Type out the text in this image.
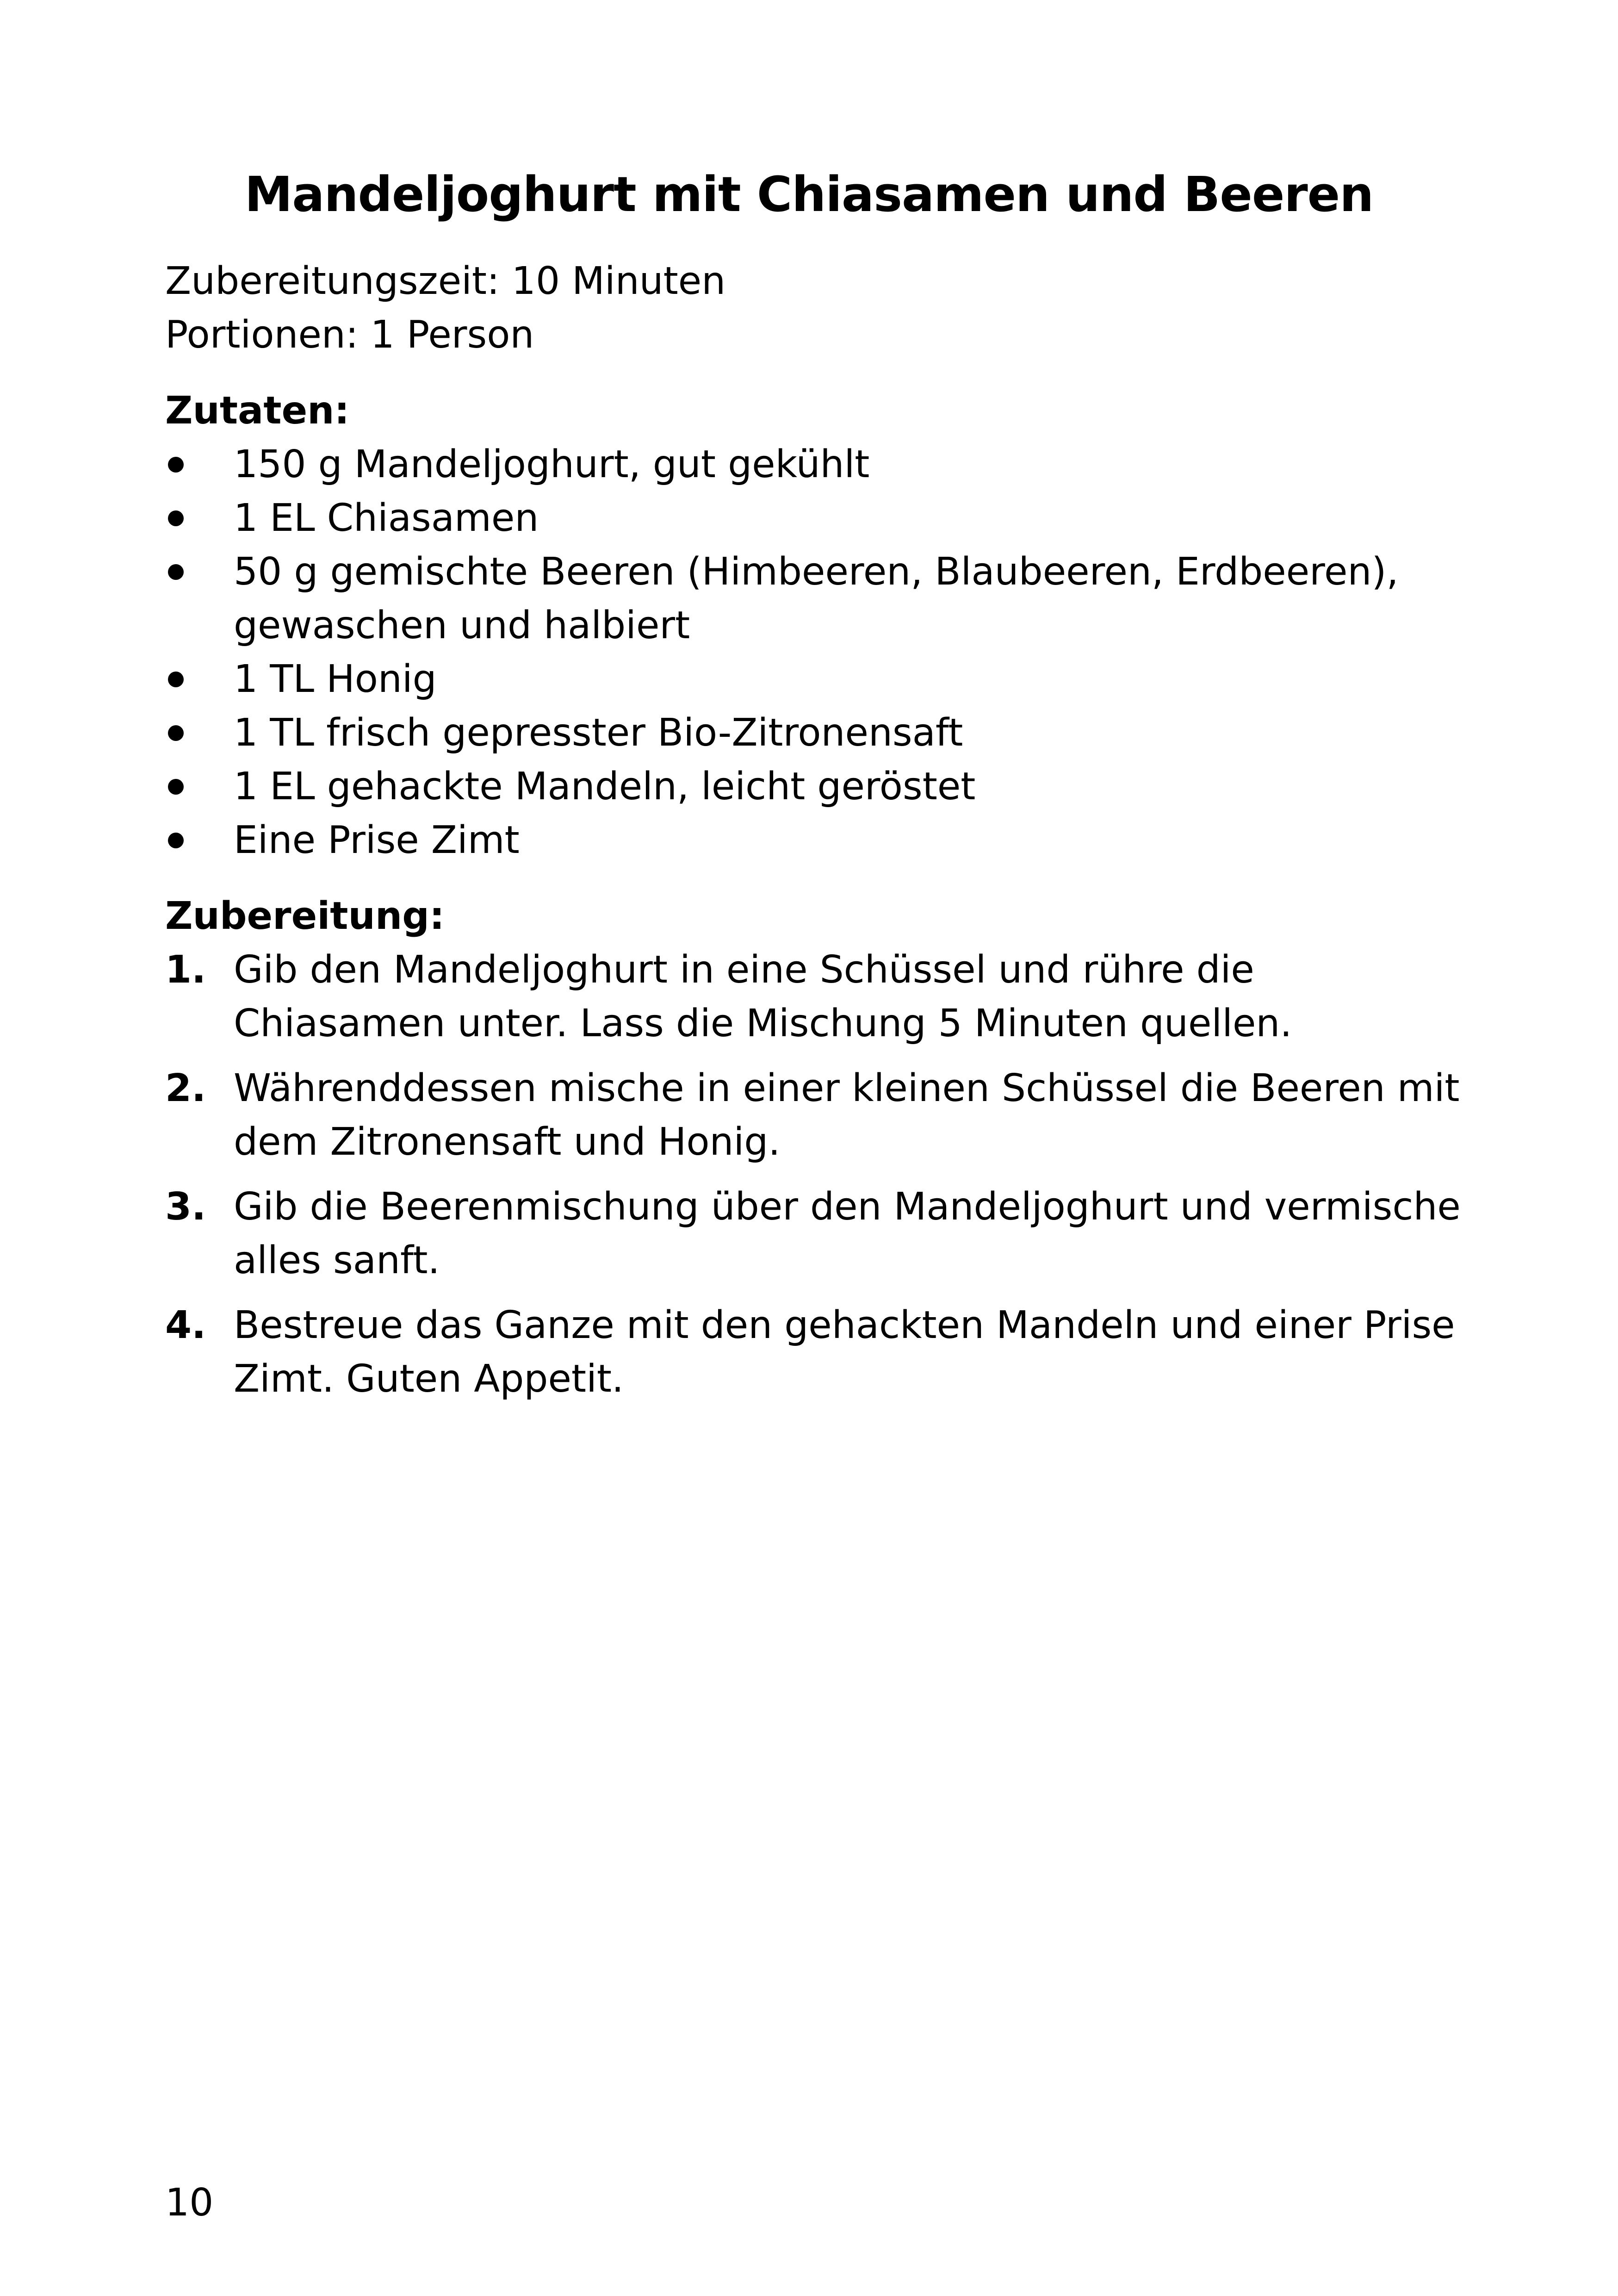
Mandeljoghurt mit Chiasamen und Beeren
Zubereitungszeit: 10 Minuten
Portionen: 1 Person
Zutaten:
150 g Mandeljoghurt, gut gekühlt
1 EL Chiasamen
50 g gemischte Beeren (Himbeeren, Blaubeeren, Erdbeeren), gewaschen und halbiert
1 TL Honig
1 TL frisch gepresster Bio-Zitronensaft
1 EL gehackte Mandeln, leicht geröstet
Eine Prise Zimt
Zubereitung:
1. Gib den Mandeljoghurt in eine Schüssel und rühre die Chiasamen unter. Lass die Mischung 5 Minuten quellen.
2. Währenddessen mische in einer kleinen Schüssel die Beeren mit dem Zitronensaft und Honig.
3. Gib die Beerenmischung über den Mandeljoghurt und vermische alles sanft.
4. Bestreue das Ganze mit den gehackten Mandeln und einer Prise Zimt. Guten Appetit.
10
